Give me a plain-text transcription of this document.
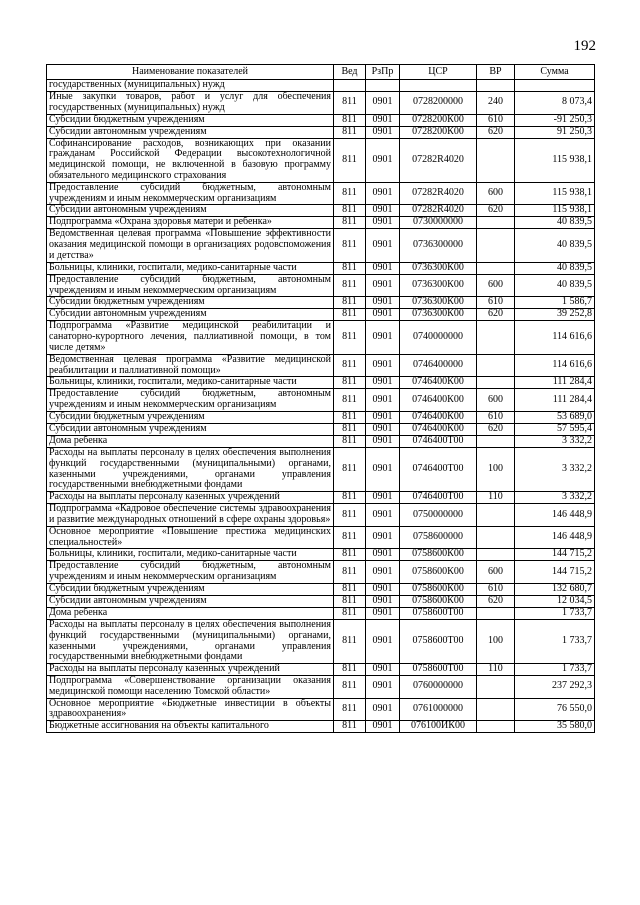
192
Наименование показателей	Вед	РзПр	ЦСР	ВР	Сумма
государственных (муниципальных) нужд					
Иные закупки товаров, работ и услуг для обеспечения государственных (муниципальных) нужд	811	0901	0728200000	240	8 073,4
Субсидии бюджетным учреждениям	811	0901	0728200К00	610	-91 250,3
Субсидии автономным учреждениям	811	0901	0728200К00	620	91 250,3
Софинансирование расходов, возникающих при оказании гражданам Российской Федерации высокотехнологичной медицинской помощи, не включенной в базовую программу обязательного медицинского страхования	811	0901	07282R4020		115 938,1
Предоставление субсидий бюджетным, автономным учреждениям и иным некоммерческим организациям	811	0901	07282R4020	600	115 938,1
Субсидии автономным учреждениям	811	0901	07282R4020	620	115 938,1
Подпрограмма «Охрана здоровья матери и ребенка»	811	0901	0730000000		40 839,5
Ведомственная целевая программа «Повышение эффективности оказания медицинской помощи в организациях родовспоможения и детства»	811	0901	0736300000		40 839,5
Больницы, клиники, госпитали, медико-санитарные части	811	0901	0736300К00		40 839,5
Предоставление субсидий бюджетным, автономным учреждениям и иным некоммерческим организациям	811	0901	0736300К00	600	40 839,5
Субсидии бюджетным учреждениям	811	0901	0736300К00	610	1 586,7
Субсидии автономным учреждениям	811	0901	0736300К00	620	39 252,8
Подпрограмма «Развитие медицинской реабилитации и санаторно-курортного лечения, паллиативной помощи, в том числе детям»	811	0901	0740000000		114 616,6
Ведомственная целевая программа «Развитие медицинской реабилитации и паллиативной помощи»	811	0901	0746400000		114 616,6
Больницы, клиники, госпитали, медико-санитарные части	811	0901	0746400К00		111 284,4
Предоставление субсидий бюджетным, автономным учреждениям и иным некоммерческим организациям	811	0901	0746400К00	600	111 284,4
Субсидии бюджетным учреждениям	811	0901	0746400К00	610	53 689,0
Субсидии автономным учреждениям	811	0901	0746400К00	620	57 595,4
Дома ребенка	811	0901	0746400Т00		3 332,2
Расходы на выплаты персоналу в целях обеспечения выполнения функций государственными (муниципальными) органами, казенными учреждениями, органами управления государственными внебюджетными фондами	811	0901	0746400Т00	100	3 332,2
Расходы на выплаты персоналу казенных учреждений	811	0901	0746400Т00	110	3 332,2
Подпрограмма «Кадровое обеспечение системы здравоохранения и развитие международных отношений в сфере охраны здоровья»	811	0901	0750000000		146 448,9
Основное мероприятие «Повышение престижа медицинских специальностей»	811	0901	0758600000		146 448,9
Больницы, клиники, госпитали, медико-санитарные части	811	0901	0758600К00		144 715,2
Предоставление субсидий бюджетным, автономным учреждениям и иным некоммерческим организациям	811	0901	0758600К00	600	144 715,2
Субсидии бюджетным учреждениям	811	0901	0758600К00	610	132 680,7
Субсидии автономным учреждениям	811	0901	0758600К00	620	12 034,5
Дома ребенка	811	0901	0758600Т00		1 733,7
Расходы на выплаты персоналу в целях обеспечения выполнения функций государственными (муниципальными) органами, казенными учреждениями, органами управления государственными внебюджетными фондами	811	0901	0758600Т00	100	1 733,7
Расходы на выплаты персоналу казенных учреждений	811	0901	0758600Т00	110	1 733,7
Подпрограмма «Совершенствование организации оказания медицинской помощи населению Томской области»	811	0901	0760000000		237 292,3
Основное мероприятие «Бюджетные инвестиции в объекты здравоохранения»	811	0901	0761000000		76 550,0
Бюджетные ассигнования на объекты капитального	811	0901	076100ИК00		35 580,0
